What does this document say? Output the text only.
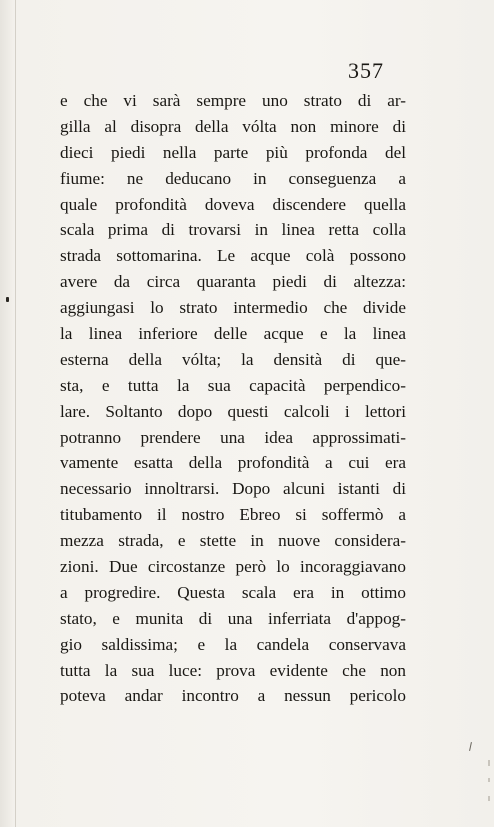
357
e che vi sarà sempre uno strato di ar-
gilla al disopra della vólta non minore di
dieci piedi nella parte più profonda del
fiume: ne deducano in conseguenza a
quale profondità doveva discendere quella
scala prima di trovarsi in linea retta colla
strada sottomarina. Le acque colà possono
avere da circa quaranta piedi di altezza:
aggiungasi lo strato intermedio che divide
la linea inferiore delle acque e la linea
esterna della vólta; la densità di que-
sta, e tutta la sua capacità perpendico-
lare. Soltanto dopo questi calcoli i lettori
potranno prendere una idea approssimati-
vamente esatta della profondità a cui era
necessario innoltrarsi. Dopo alcuni istanti di
titubamento il nostro Ebreo si soffermò a
mezza strada, e stette in nuove considera-
zioni. Due circostanze però lo incoraggiavano
a progredire. Questa scala era in ottimo
stato, e munita di una inferriata d'appog-
gio saldissima; e la candela conservava
tutta la sua luce: prova evidente che non
poteva andar incontro a nessun pericolo
